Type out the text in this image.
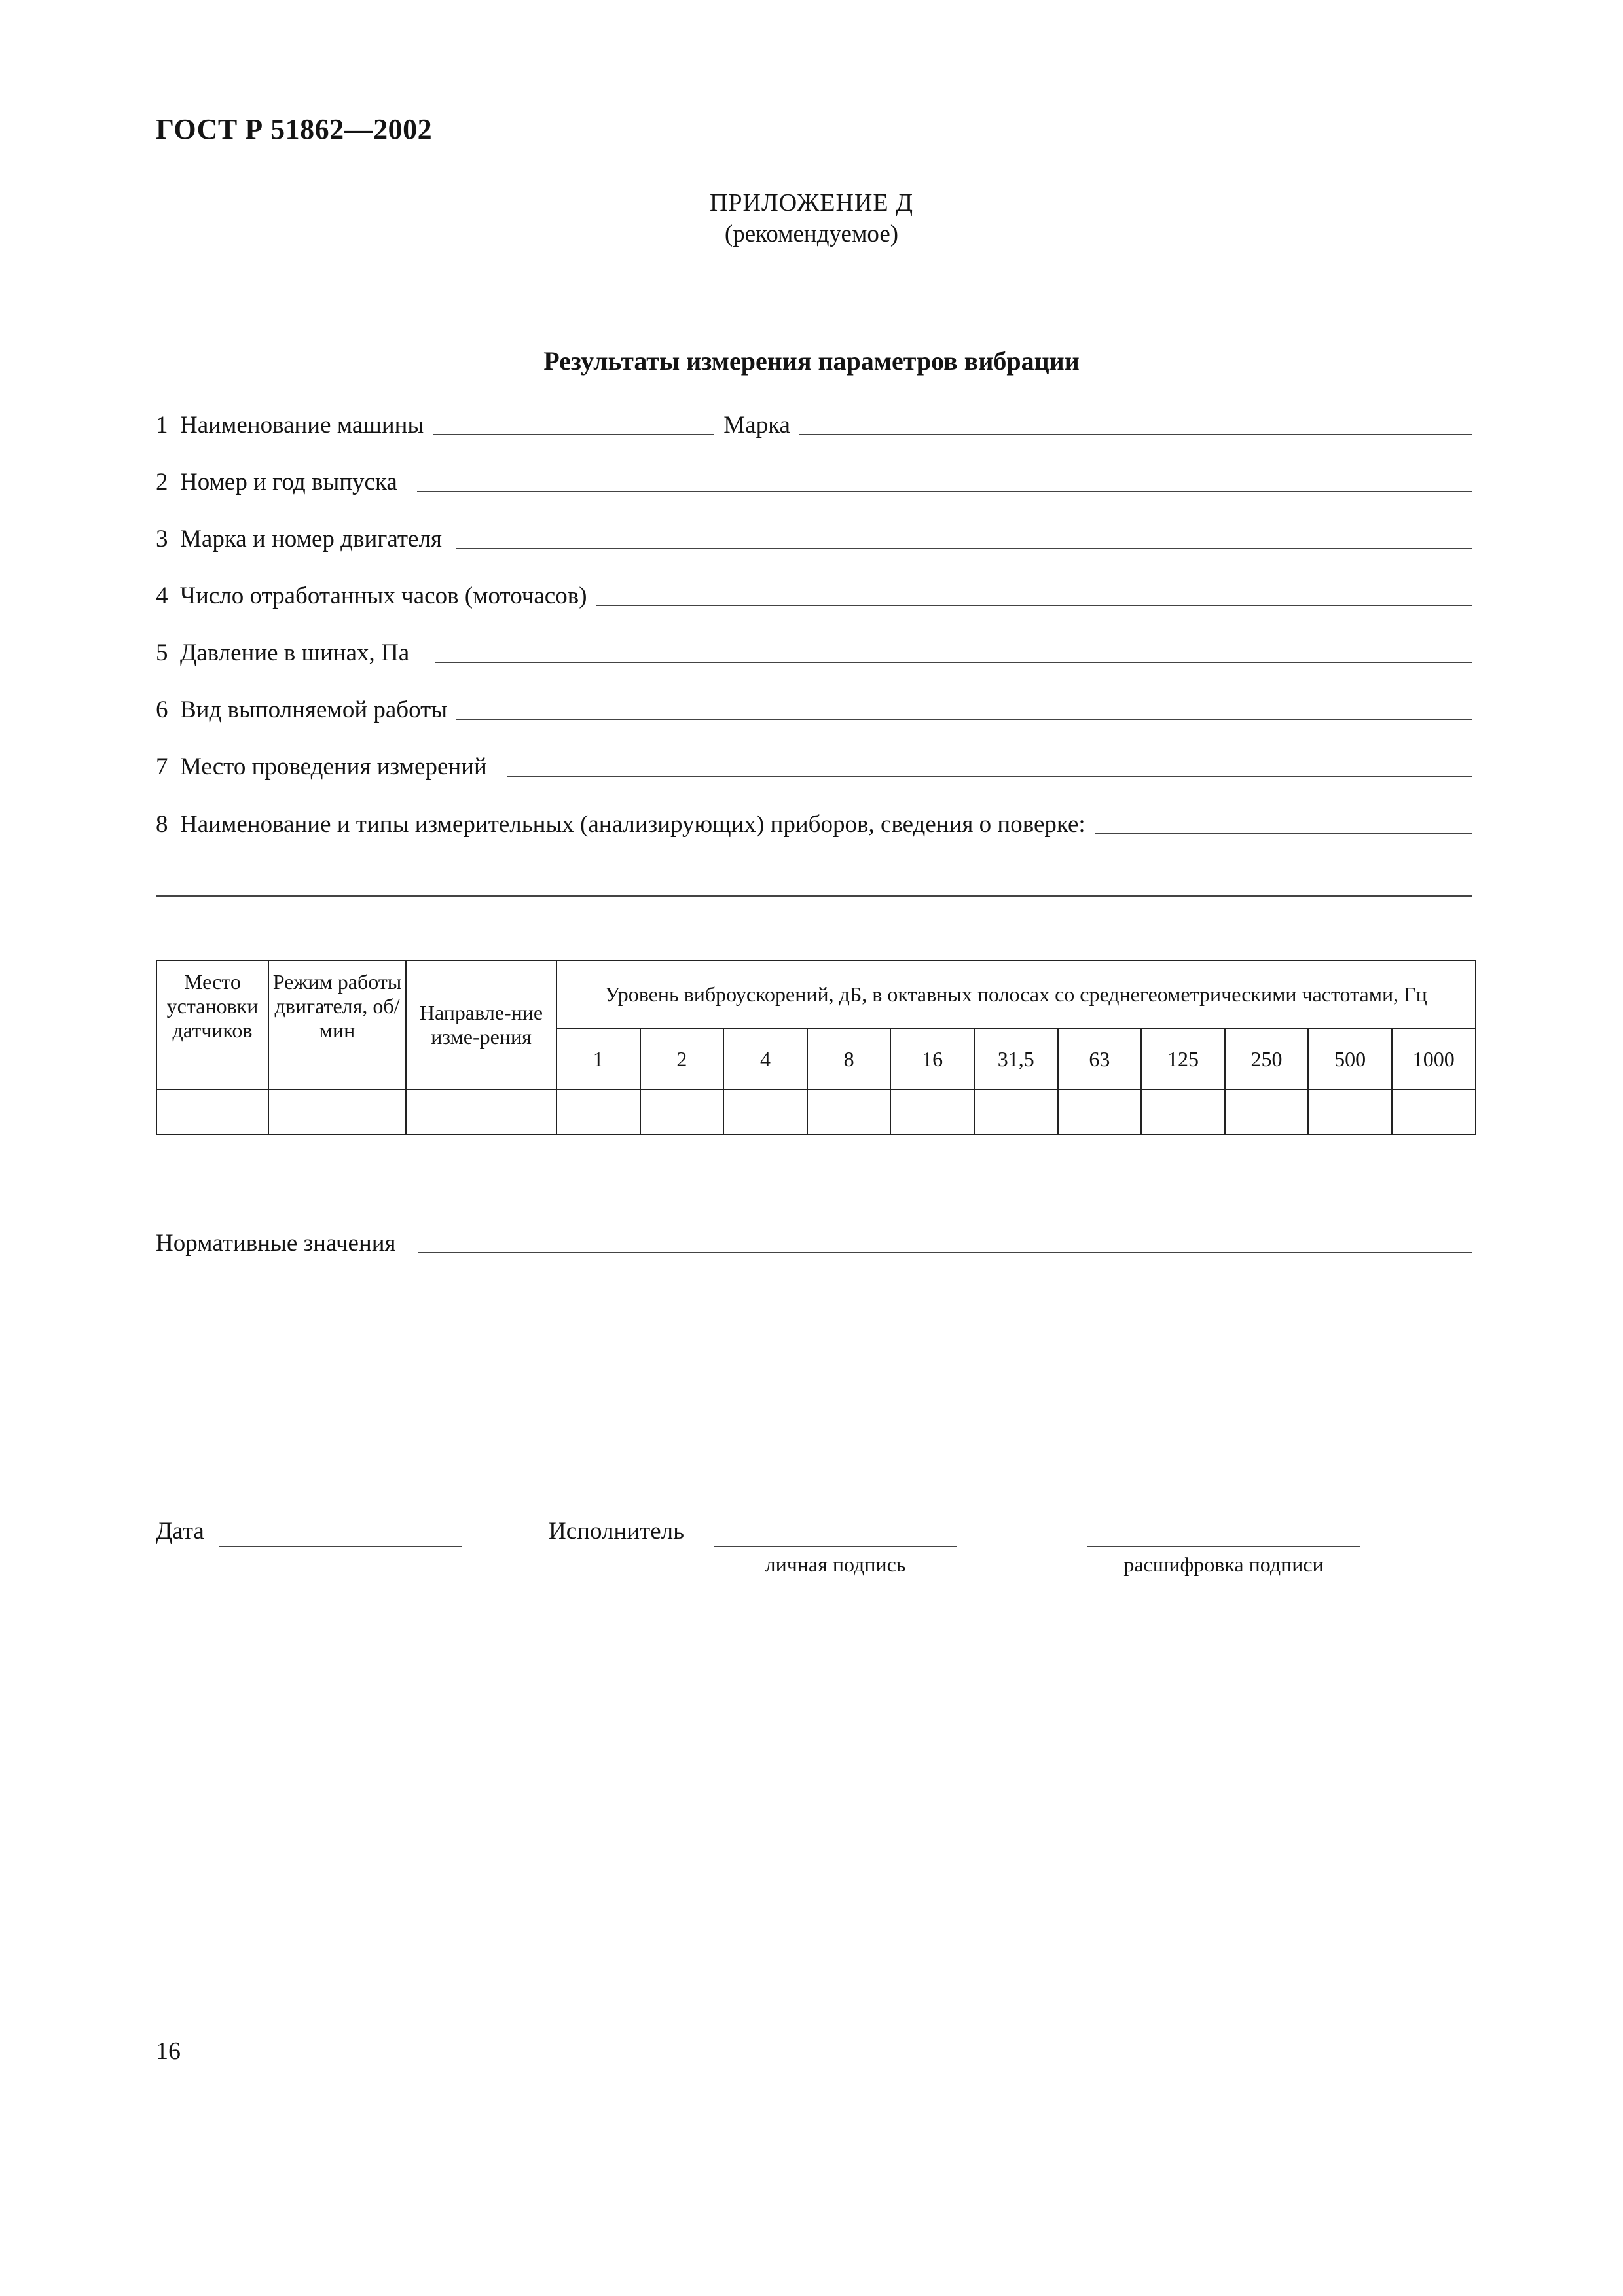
ГОСТ Р 51862—2002
ПРИЛОЖЕНИЕ Д
(рекомендуемое)
Результаты измерения параметров вибрации
1  Наименование машины	Марка
2  Номер и год выпуска
3  Марка и номер двигателя
4  Число отработанных часов (моточасов)
5  Давление в шинах, Па
6  Вид выполняемой работы
7  Место проведения измерений
8  Наименование и типы измерительных (анализирующих) приборов, сведения о поверке:
Место установки датчиков	Режим работы двигателя, об/мин	Направле-ние изме-рения	Уровень виброускорений, дБ, в октавных полосах со среднегеометрическими частотами, Гц										
			1	2	4	8	16	31,5	63	125	250	500	1000

Нормативные значения
Дата	Исполнитель
личная подпись	расшифровка подписи
16
